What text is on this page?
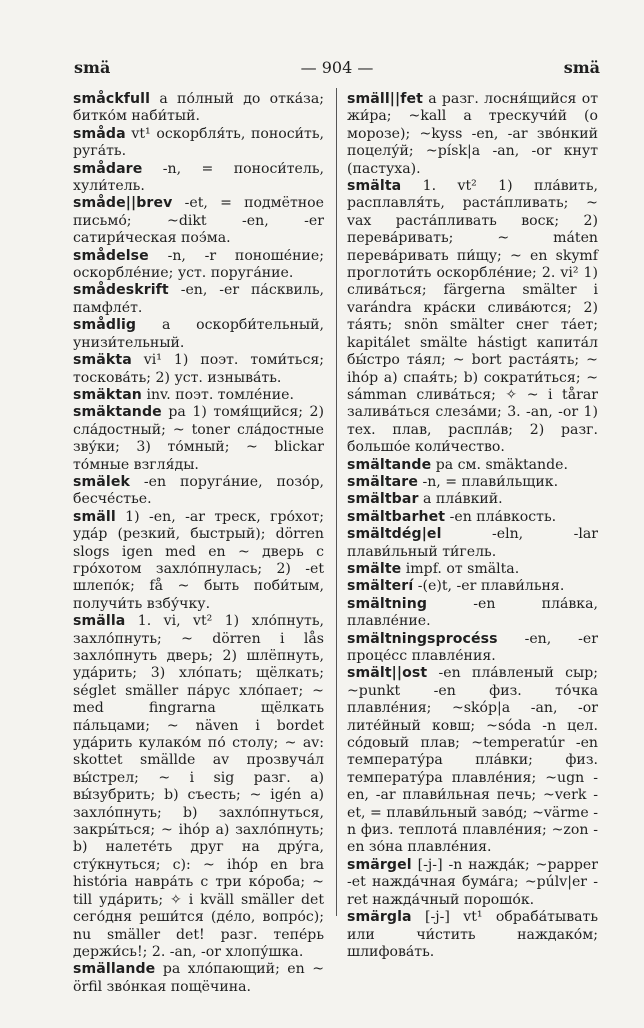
smä	— 904 —	smä

småckfull a по́лный до отка́за; битко́м наби́тый.

småda vt¹ оскорбля́ть, поноси́ть, руга́ть.

smådare -n, = поноси́тель, хули́тель.

småde||brev -et, = подмётное письмо́; ~dikt -en, -er сатири́ческая поэ́ма.

smådelse -n, -r поноше́ние; оскорбле́ние; уст. поруга́ние.

smådeskrift -en, -er па́сквиль, памфле́т.

smådlig a оскорби́тельный, унизи́тельный.

smäkta vi¹ 1) поэт. томи́ться; тоскова́ть; 2) уст. изныва́ть.

smäktan inv. поэт. томле́ние.

smäktande pa 1) томя́щийся; 2) сла́достный; ~ toner сла́достные зву́ки; 3) то́мный; ~ blickar то́мные взгля́ды.

smälek -en поруга́ние, позо́р, бесче́стье.

smäll 1) -en, -ar треск, гро́хот; уда́р (резкий, быстрый); dörren slogs igen med en ~ дверь с гро́хотом захло́пнулась; 2) -et шлепо́к; få ~ быть поби́тым, получи́ть взбу́чку.

smälla 1. vi, vt² 1) хло́пнуть, захло́пнуть; ~ dörren i lås захло́пнуть дверь; 2) шлёпнуть, уда́рить; 3) хло́пать; щёлкать; séglet smäller па́рус хло́пает; ~ med fingrarna щёлкать па́льцами; ~ näven i bordet уда́рить кулако́м по́ столу; ~ av: skottet smällde av прозвуча́л вы́стрел; ~ i sig разг. а) вы́зубрить; b) съесть; ~ igén а) захло́пнуть; b) захло́пнуться, закры́ться; ~ ihóp а) захло́пнуть; b) налете́ть друг на дру́га, сту́кнуться; c): ~ ihóp en bra história навра́ть с три ко́роба; ~ till уда́рить; ✧ i kväll smäller det сего́дня реши́тся (де́ло, вопро́с); nu smäller det! разг. тепе́рь держи́сь!; 2. -an, -or хлопу́шка.

smällande pa хло́пающий; en ~ örfil зво́нкая пощёчина.

smäll||fet a разг. лосня́щийся от жи́ра; ~kall a трескучи́й (о морозе); ~kyss -en, -ar зво́нкий поцелу́й; ~písk|a -an, -or кнут (пастуха).

smälta 1. vt² 1) пла́вить, расплавля́ть, раста́пливать; ~ vax раста́пливать воск; 2) перева́ривать; ~ máten перева́ривать пи́щу; ~ en skymf проглоти́ть оскорбле́ние; 2. vi² 1) слива́ться; färgerna smälter i varándra кра́ски слива́ются; 2) та́ять; snön smälter снег та́ет; kapitálet smälte hástigt капита́л бы́стро та́ял; ~ bort раста́ять; ~ ihóp а) спая́ть; b) сократи́ться; ~ sámman слива́ться; ✧ ~ i tårar залива́ться слеза́ми; 3. -an, -or 1) тех. плав, распла́в; 2) разг. большо́е коли́чество.

smältande pa см. smäktande.

smältare -n, = плави́льщик.

smältbar a пла́вкий.

smältbarhet -en пла́вкость.

smältdég|el	-eln, -lar плави́льный ти́гель.

smälte impf. от smälta.

smälterí -(e)t, -er плави́льня.

smältning	-en пла́вка, плавле́ние.

smältningsprocéss -en, -er проце́сс плавле́ния.

smält||ost -en пла́вленый сыр; ~punkt -en физ. то́чка плавле́ния; ~skóp|a -an, -or лите́йный ковш; ~sóda -n цел. со́довый плав; ~temperatúr -en температу́ра пла́вки; физ. температу́ра плавле́ния; ~ugn -en, -ar плави́льная печь; ~verk -et, = плави́льный заво́д; ~värme -n физ. теплота́ плавле́ния; ~zon -en зо́на плавле́ния.

smärgel [-j-] -n нажда́к; ~papper -et нажда́чная бума́га; ~púlv|er -ret нажда́чный порошо́к.

smärgla [-j-] vt¹ обраба́тывать или чи́стить наждако́м; шлифова́ть.
